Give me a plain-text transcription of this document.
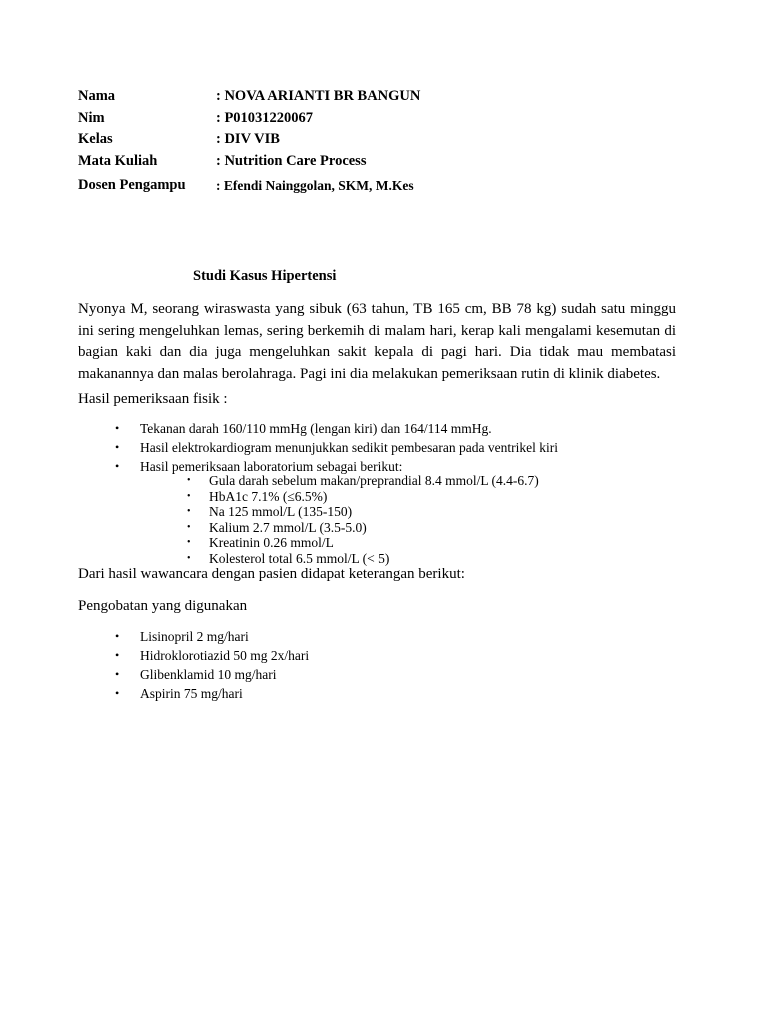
Nama	: NOVA ARIANTI BR BANGUN
Nim	: P01031220067
Kelas	: DIV VIB
Mata Kuliah	: Nutrition Care Process
Dosen Pengampu	: Efendi Nainggolan, SKM, M.Kes
Studi Kasus Hipertensi

Nyonya M, seorang wiraswasta yang sibuk (63 tahun, TB 165 cm, BB 78 kg) sudah satu minggu ini sering mengeluhkan lemas, sering berkemih di malam hari, kerap kali mengalami kesemutan di bagian kaki dan dia juga mengeluhkan sakit kepala di pagi hari. Dia tidak mau membatasi makanannya dan malas berolahraga. Pagi ini dia melakukan pemeriksaan rutin di klinik diabetes.

Hasil pemeriksaan fisik :
• Tekanan darah 160/110 mmHg (lengan kiri) dan 164/114 mmHg.
• Hasil elektrokardiogram menunjukkan sedikit pembesaran pada ventrikel kiri
• Hasil pemeriksaan laboratorium sebagai berikut:
• Gula darah sebelum makan/preprandial 8.4 mmol/L (4.4-6.7)
• HbA1c 7.1% (≤6.5%)
• Na 125 mmol/L (135-150)
• Kalium 2.7 mmol/L (3.5-5.0)
• Kreatinin 0.26 mmol/L
• Kolesterol total 6.5 mmol/L (< 5)
Dari hasil wawancara dengan pasien didapat keterangan berikut:
Pengobatan yang digunakan
• Lisinopril 2 mg/hari
• Hidroklorotiazid 50 mg 2x/hari
• Glibenklamid 10 mg/hari
• Aspirin 75 mg/hari
